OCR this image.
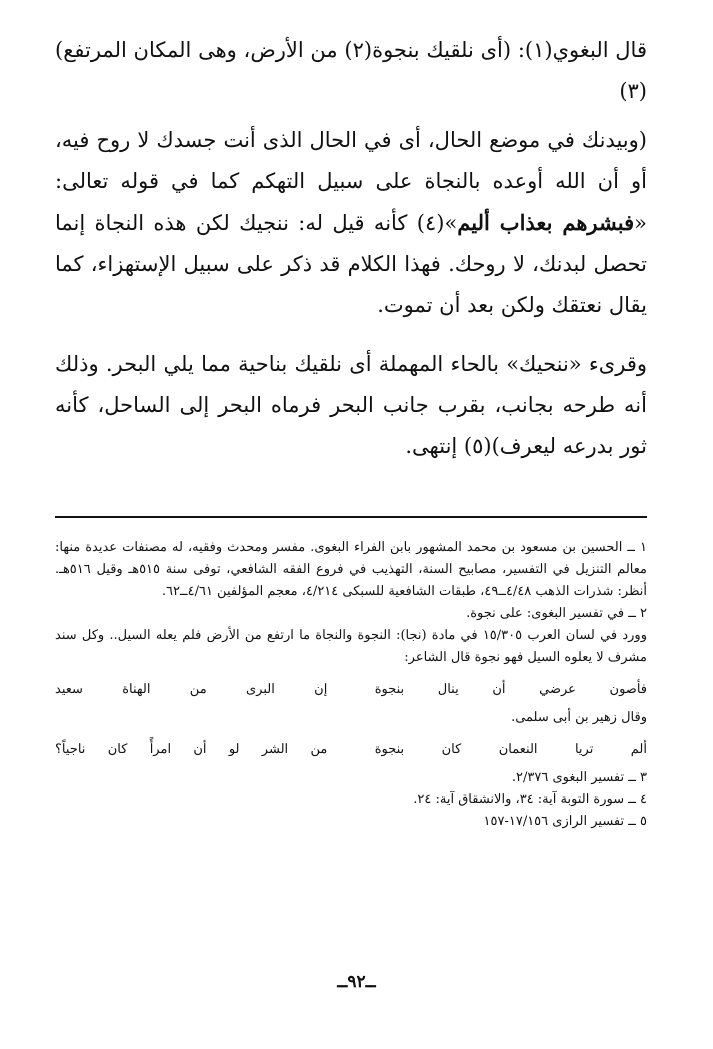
قال البغوي(١): (أى نلقيك بنجوة(٢) من الأرض، وهى المكان المرتفع)(٣)

(وبيدنك في موضع الحال، أى في الحال الذى أنت جسدك لا روح فيه، أو أن الله أوعده بالنجاة على سبيل التهكم كما في قوله تعالى: «فبشرهم بعذاب أليم»(٤) كأنه قيل له: ننجيك لكن هذه النجاة إنما تحصل لبدنك، لا روحك. فهذا الكلام قد ذكر على سبيل الإستهزاء، كما يقال نعتقك ولكن بعد أن تموت.

وقرىء «ننحيك» بالحاء المهملة أى نلقيك بناحية مما يلي البحر. وذلك أنه طرحه بجانب، بقرب جانب البحر فرماه البحر إلى الساحل، كأنه ثور بدرعه ليعرف)(٥) إنتهى.

١ ــ الحسين بن مسعود بن محمد المشهور بابن الفراء البغوى. مفسر ومحدث وفقيه، له مصنفات عديدة منها: معالم التنزيل في التفسير، مصابيح السنة، التهذيب في فروع الفقه الشافعي، توفى سنة ٥١٥هـ وقيل ٥١٦هـ. أنظر: شذرات الذهب ٤/٤٨ــ٤٩، طبقات الشافعية للسبكى ٤/٢١٤، معجم المؤلفين ٤/٦١ــ٦٢.

٢ ــ في تفسير البغوى: على نجوة.

وورد في لسان العرب ١٥/٣٠٥ في مادة (نجا): النجوة والنجاة ما ارتفع من الأرض فلم يعله السيل.. وكل سند مشرف لا يعلوه السيل فهو نجوة قال الشاعر:

فأصون عرضي أن ينال بنجوة
إن البرى من الهناة سعيد

وقال زهير بن أبى سلمى.

ألم تريا النعمان كان بنجوة
من الشر لو أن امرأً كان ناجياً؟

٣ ــ تفسير البغوى ٢/٣٧٦.

٤ ــ سورة التوبة آية: ٣٤، والانشقاق آية: ٢٤.

٥ ــ تفسير الرازى ١٧/١٥٦-١٥٧

ــ٩٢ــ
